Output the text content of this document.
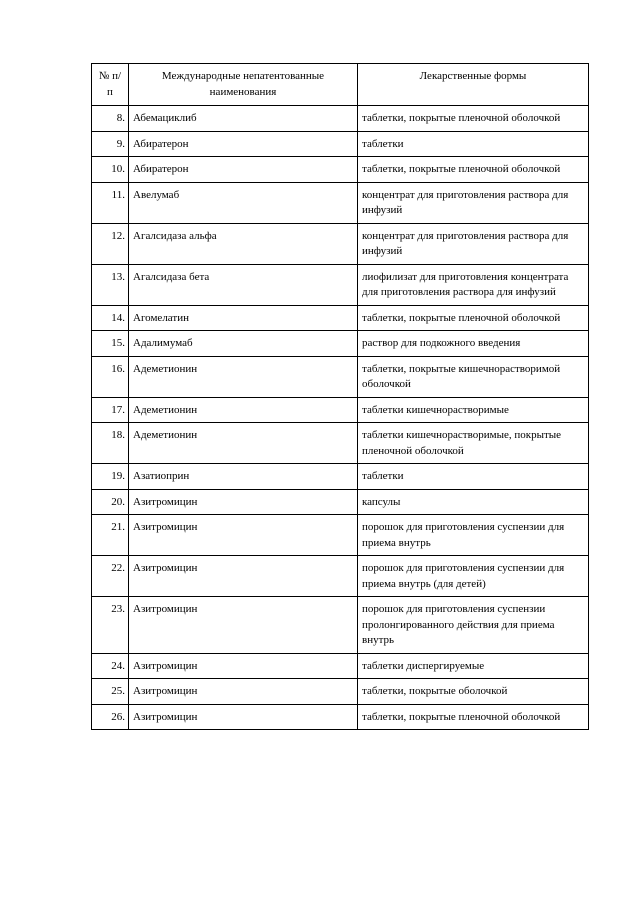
№ п/п	Международные непатентованные наименования	Лекарственные формы
8.	Абемациклиб	таблетки, покрытые пленочной оболочкой
9.	Абиратерон	таблетки
10.	Абиратерон	таблетки, покрытые пленочной оболочкой
11.	Авелумаб	концентрат для приготовления раствора для инфузий
12.	Агалсидаза альфа	концентрат для приготовления раствора для инфузий
13.	Агалсидаза бета	лиофилизат для приготовления концентрата для приготовления раствора для инфузий
14.	Агомелатин	таблетки, покрытые пленочной оболочкой
15.	Адалимумаб	раствор для подкожного введения
16.	Адеметионин	таблетки, покрытые кишечнорастворимой оболочкой
17.	Адеметионин	таблетки кишечнорастворимые
18.	Адеметионин	таблетки кишечнорастворимые, покрытые пленочной оболочкой
19.	Азатиоприн	таблетки
20.	Азитромицин	капсулы
21.	Азитромицин	порошок для приготовления суспензии для приема внутрь
22.	Азитромицин	порошок для приготовления суспензии для приема внутрь (для детей)
23.	Азитромицин	порошок для приготовления суспензии пролонгированного действия для приема внутрь
24.	Азитромицин	таблетки диспергируемые
25.	Азитромицин	таблетки, покрытые оболочкой
26.	Азитромицин	таблетки, покрытые пленочной оболочкой
